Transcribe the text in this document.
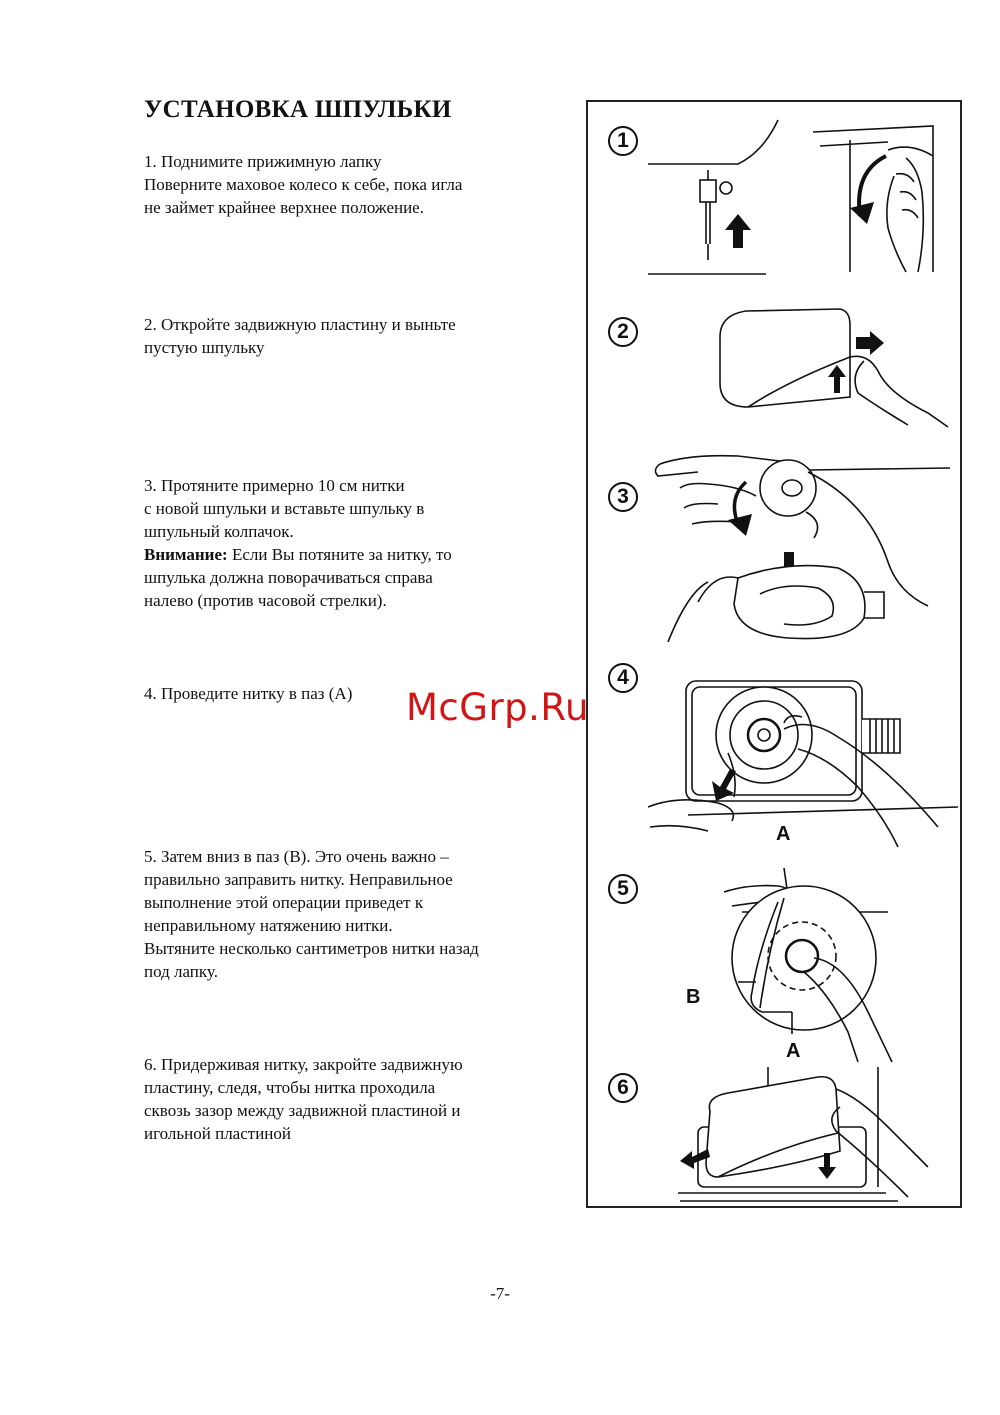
УСТАНОВКА ШПУЛЬКИ

1. Поднимите прижимную лапку

Поверните маховое колесо к себе, пока игла

не займет крайнее верхнее положение.

2. Откройте задвижную пластину и выньте

пустую шпульку

3. Протяните примерно 10 см нитки

с новой шпульки и вставьте шпульку в

шпульный колпачок.

Внимание: Если Вы потяните за нитку, то

шпулька должна поворачиваться справа

налево (против часовой стрелки).

4. Проведите нитку в паз (A)

5. Затем вниз в паз (B). Это очень важно –

правильно заправить нитку. Неправильное

выполнение этой операции приведет к

неправильному натяжению нитки.

Вытяните несколько сантиметров нитки назад

под лапку.

6. Придерживая нитку, закройте задвижную

пластину, следя, чтобы нитка проходила

сквозь зазор между задвижной пластиной и

игольной пластиной

1
2
3
4
A
5
B
A
6
McGrp.Ru
-7-
